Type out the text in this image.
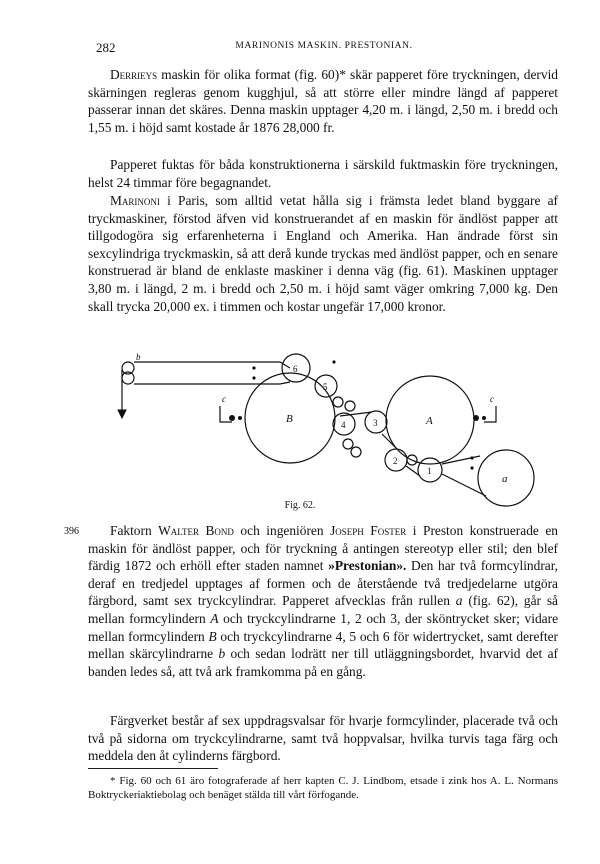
282	MARINONIS MASKIN. PRESTONIAN.

Derrieys maskin för olika format (fig. 60)* skär papperet före tryckningen, dervid skärningen regleras genom kugghjul, så att större eller mindre längd af papperet passerar innan det skäres. Denna maskin upptager 4,20 m. i längd, 2,50 m. i bredd och 1,55 m. i höjd samt kostade år 1876 28,000 fr.

Papperet fuktas för båda konstruktionerna i särskild fuktmaskin före tryckningen, helst 24 timmar före begagnandet.

Marinoni i Paris, som alltid vetat hålla sig i främsta ledet bland byggare af tryckmaskiner, förstod äfven vid konstruerandet af en maskin för ändlöst papper att tillgodogöra sig erfarenheterna i England och Amerika. Han ändrade först sin sexcylindriga tryckmaskin, så att derå kunde tryckas med ändlöst papper, och en senare konstruerad är bland de enklaste maskiner i denna väg (fig. 61). Maskinen upptager 3,80 m. i längd, 2 m. i bredd och 2,50 m. i höjd samt väger omkring 7,000 kg. Den skall trycka 20,000 ex. i timmen och kostar ungefär 17,000 kronor.

B	A
a
6
5
4	3
2
1
b
c	c
Fig. 62.
396	Faktorn Walter Bond och ingeniören Joseph Foster i Preston konstruerade en maskin för ändlöst papper, och för tryckning å antingen stereotyp eller stil; den blef färdig 1872 och erhöll efter staden namnet »Prestonian». Den har två formcylindrar, deraf en tredjedel upptages af formen och de återstående två tredjedelarne utgöra färgbord, samt sex tryckcylindrar. Papperet afvecklas från rullen a (fig. 62), går så mellan formcylindern A och tryckcylindrarne 1, 2 och 3, der sköntrycket sker; vidare mellan formcylindern B och tryckcylindrarne 4, 5 och 6 för widertrycket, samt derefter mellan skärcylindrarne b och sedan lodrätt ner till utläggningsbordet, hvarvid det af banden ledes så, att två ark framkomma på en gång.

Färgverket består af sex uppdragsvalsar för hvarje formcylinder, placerade två och två på sidorna om tryckcylindrarne, samt två hoppvalsar, hvilka turvis taga färg och meddela den åt cylinderns färgbord.

* Fig. 60 och 61 äro fotograferade af herr kapten C. J. Lindbom, etsade i zink hos A. L. Normans Boktryckeriaktiebolag och benäget stälda till vårt förfogande.
